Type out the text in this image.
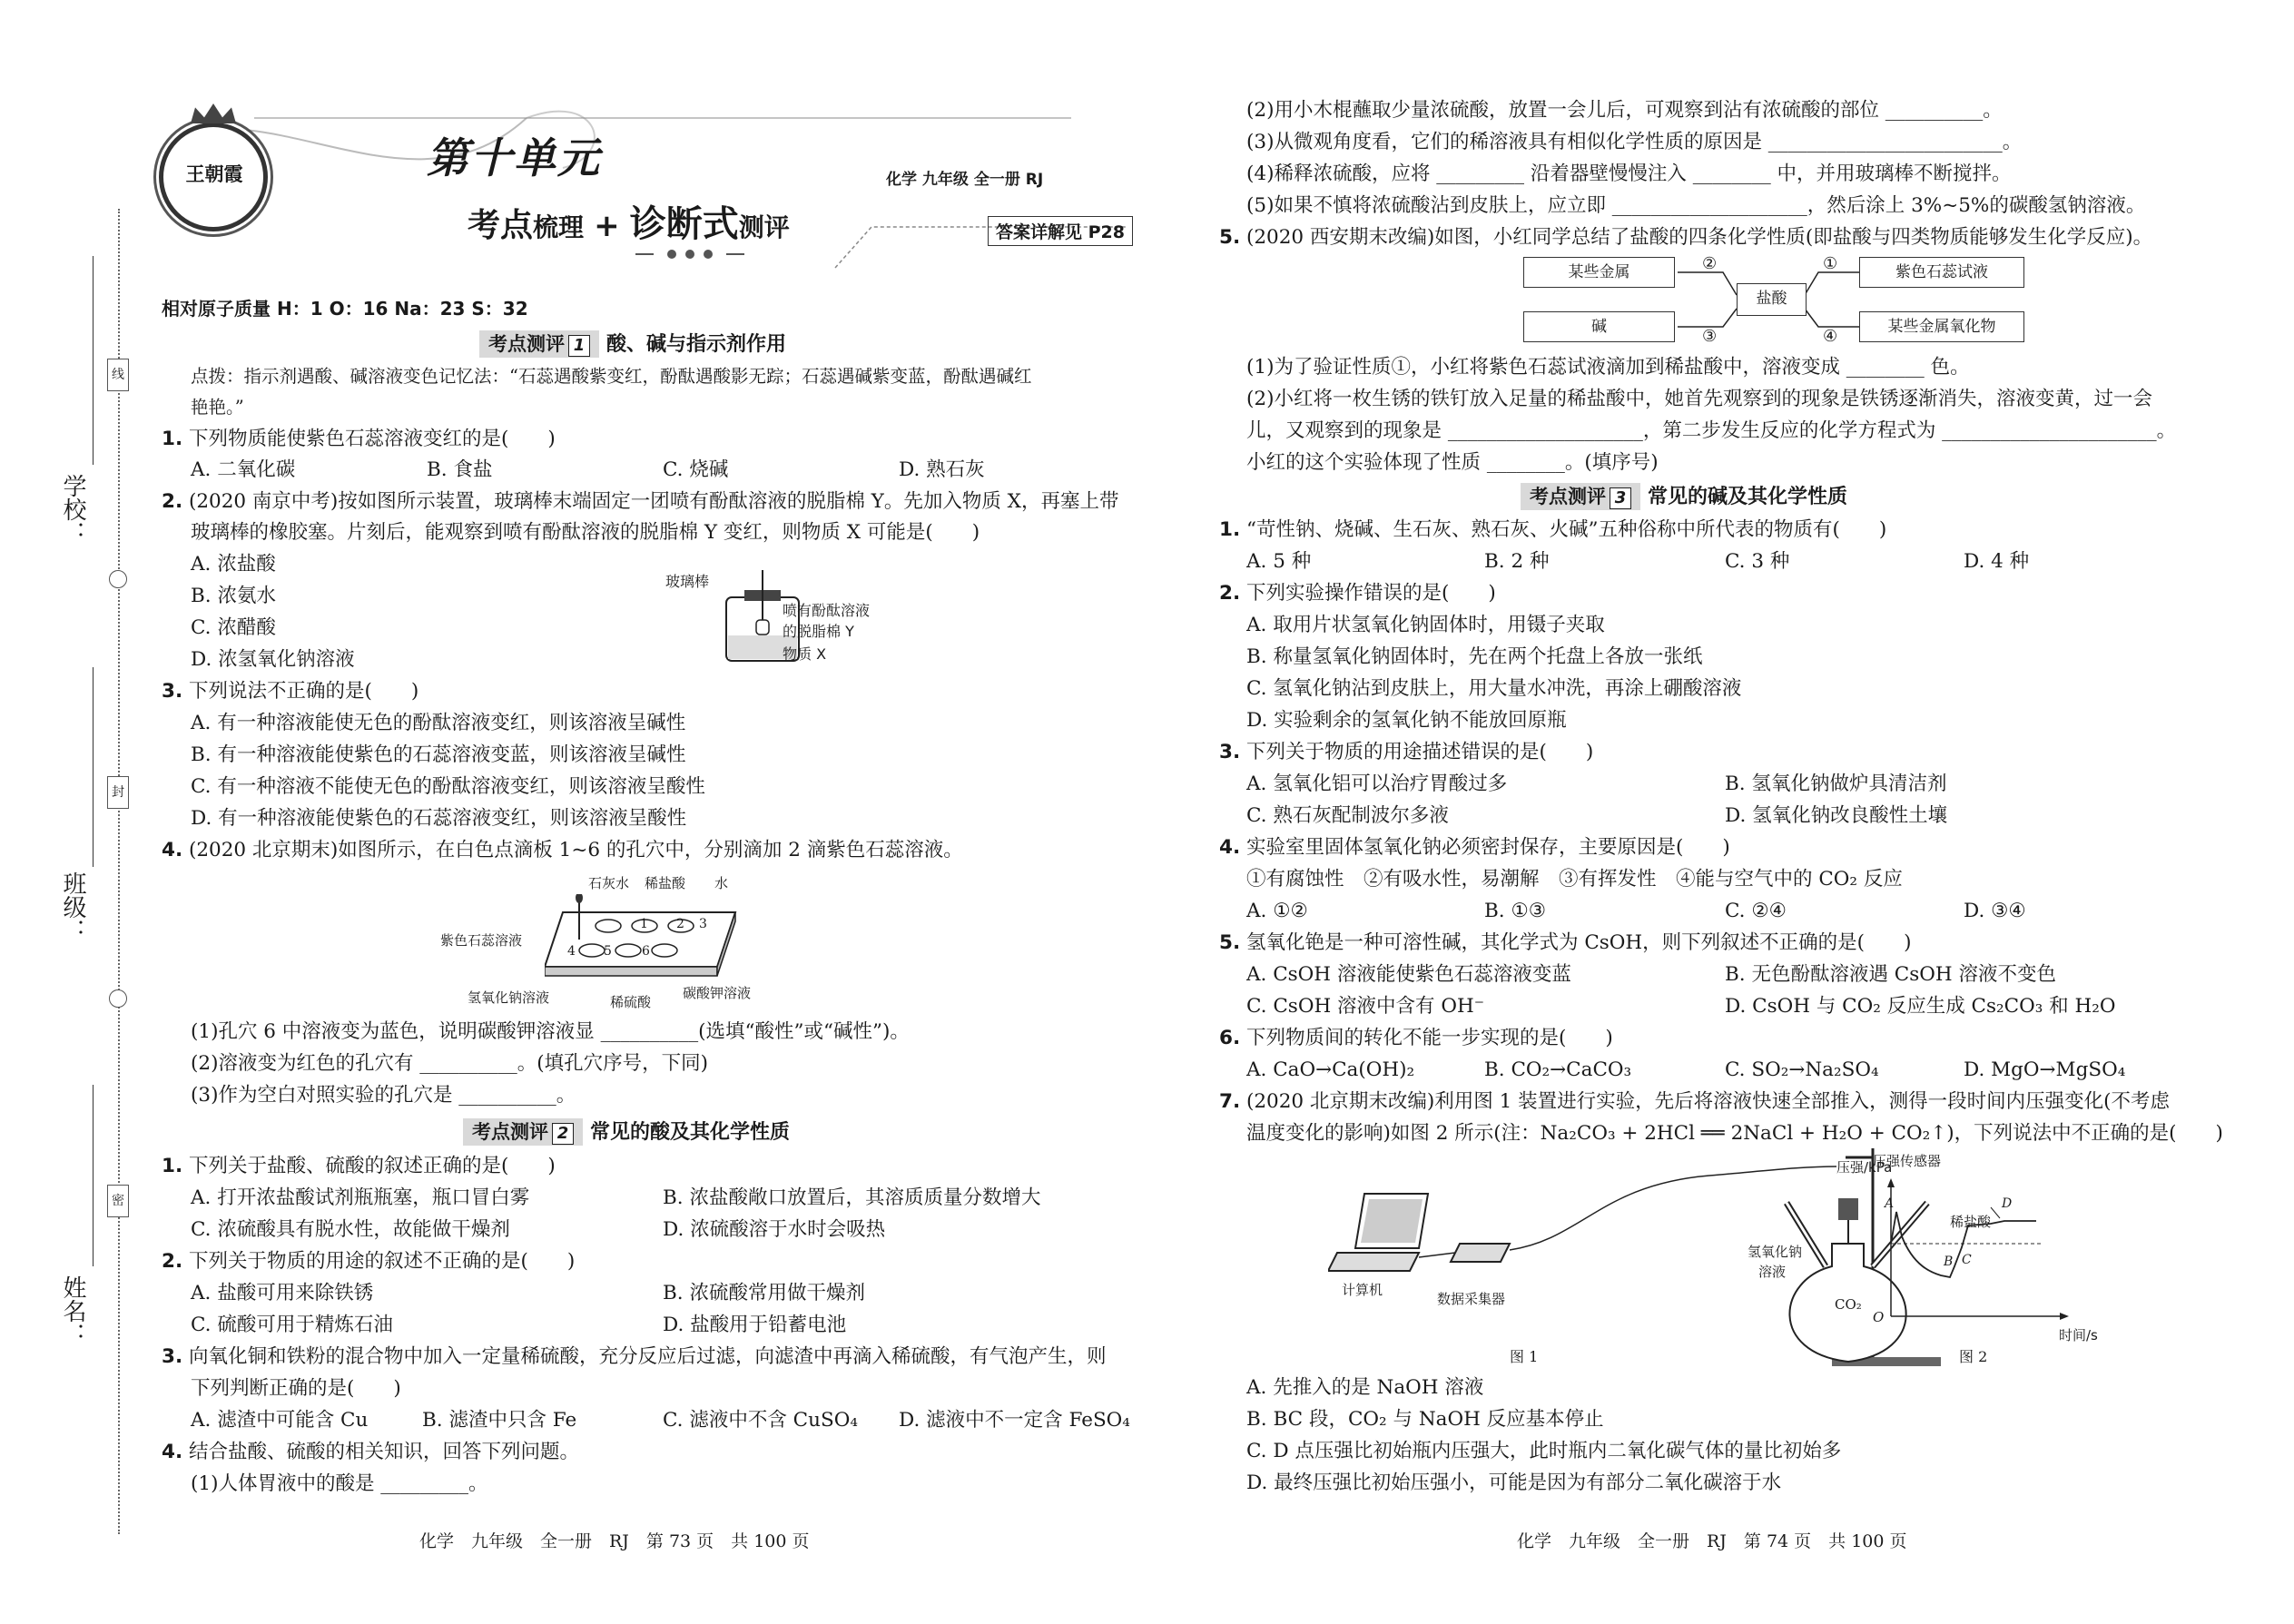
学校：
班级：
姓名：
线
封
密
王朝霞	第十单元
考点梳理 + 诊断式测评
化学 九年级 全一册 RJ
答案详解见 P28
相对原子质量 H：1 O：16 Na：23 S：32
考点测评 1 酸、碱与指示剂作用
点拨：指示剂遇酸、碱溶液变色记忆法：“石蕊遇酸紫变红，酚酞遇酸影无踪；石蕊遇碱紫变蓝，酚酞遇碱红
艳艳。”
1. 下列物质能使紫色石蕊溶液变红的是(　　)
A. 二氧化碳	B. 食盐	C. 烧碱	D. 熟石灰
2. (2020 南京中考)按如图所示装置，玻璃棒末端固定一团喷有酚酞溶液的脱脂棉 Y。先加入物质 X，再塞上带
玻璃棒的橡胶塞。片刻后，能观察到喷有酚酞溶液的脱脂棉 Y 变红，则物质 X 可能是(　　)
A. 浓盐酸
B. 浓氨水
C. 浓醋酸
D. 浓氢氧化钠溶液
玻璃棒
喷有酚酞溶液
的脱脂棉 Y
物质 X
3. 下列说法不正确的是(　　)
A. 有一种溶液能使无色的酚酞溶液变红，则该溶液呈碱性
B. 有一种溶液能使紫色的石蕊溶液变蓝，则该溶液呈碱性
C. 有一种溶液不能使无色的酚酞溶液变红，则该溶液呈酸性
D. 有一种溶液能使紫色的石蕊溶液变红，则该溶液呈酸性
4. (2020 北京期末)如图所示，在白色点滴板 1~6 的孔穴中，分别滴加 2 滴紫色石蕊溶液。
石灰水 稀盐酸 水
紫色石蕊溶液
氢氧化钠溶液	稀硫酸
碳酸钾溶液
1 2 3
4 5 6
(1)孔穴 6 中溶液变为蓝色，说明碳酸钾溶液显 __________(选填“酸性”或“碱性”)。
(2)溶液变为红色的孔穴有 __________。(填孔穴序号，下同)
(3)作为空白对照实验的孔穴是 __________。
考点测评 2 常见的酸及其化学性质
1. 下列关于盐酸、硫酸的叙述正确的是(　　)
A. 打开浓盐酸试剂瓶瓶塞，瓶口冒白雾	B. 浓盐酸敞口放置后，其溶质质量分数增大
C. 浓硫酸具有脱水性，故能做干燥剂	D. 浓硫酸溶于水时会吸热
2. 下列关于物质的用途的叙述不正确的是(　　)
A. 盐酸可用来除铁锈	B. 浓硫酸常用做干燥剂
C. 硫酸可用于精炼石油	D. 盐酸用于铅蓄电池
3. 向氧化铜和铁粉的混合物中加入一定量稀硫酸，充分反应后过滤，向滤渣中再滴入稀硫酸，有气泡产生，则
下列判断正确的是(　　)
A. 滤渣中可能含 Cu	B. 滤渣中只含 Fe	C. 滤液中不含 CuSO₄ D. 滤液中不一定含 FeSO₄
4. 结合盐酸、硫酸的相关知识，回答下列问题。
(1)人体胃液中的酸是 _________。
化学　九年级　全一册　RJ　第 73 页　共 100 页
(2)用小木棍蘸取少量浓硫酸，放置一会儿后，可观察到沾有浓硫酸的部位 __________。
(3)从微观角度看，它们的稀溶液具有相似化学性质的原因是 ________________________。
(4)稀释浓硫酸，应将 _________ 沿着器壁慢慢注入 ________ 中，并用玻璃棒不断搅拌。
(5)如果不慎将浓硫酸沾到皮肤上，应立即 ____________________，然后涂上 3%~5%的碳酸氢钠溶液。
5. (2020 西安期末改编)如图，小红同学总结了盐酸的四条化学性质(即盐酸与四类物质能够发生化学反应)。
某些金属	紫色石蕊试液
盐酸
碱	某些金属氧化物
②	①
③	④
(1)为了验证性质①，小红将紫色石蕊试液滴加到稀盐酸中，溶液变成 ________ 色。
(2)小红将一枚生锈的铁钉放入足量的稀盐酸中，她首先观察到的现象是铁锈逐渐消失，溶液变黄，过一会
儿，又观察到的现象是 ____________________，第二步发生反应的化学方程式为 ______________________。
小红的这个实验体现了性质 ________。(填序号)
考点测评 3 常见的碱及其化学性质
1. “苛性钠、烧碱、生石灰、熟石灰、火碱”五种俗称中所代表的物质有(　　)
A. 5 种	B. 2 种	C. 3 种	D. 4 种
2. 下列实验操作错误的是(　　)
A. 取用片状氢氧化钠固体时，用镊子夹取
B. 称量氢氧化钠固体时，先在两个托盘上各放一张纸
C. 氢氧化钠沾到皮肤上，用大量水冲洗，再涂上硼酸溶液
D. 实验剩余的氢氧化钠不能放回原瓶
3. 下列关于物质的用途描述错误的是(　　)
A. 氢氧化铝可以治疗胃酸过多	B. 氢氧化钠做炉具清洁剂
C. 熟石灰配制波尔多液	D. 氢氧化钠改良酸性土壤
4. 实验室里固体氢氧化钠必须密封保存，主要原因是(　　)
①有腐蚀性　②有吸水性，易潮解　③有挥发性　④能与空气中的 CO₂ 反应
A. ①②	B. ①③	C. ②④	D. ③④
5. 氢氧化铯是一种可溶性碱，其化学式为 CsOH，则下列叙述不正确的是(　　)
A. CsOH 溶液能使紫色石蕊溶液变蓝	B. 无色酚酞溶液遇 CsOH 溶液不变色
C. CsOH 溶液中含有 OH⁻	D. CsOH 与 CO₂ 反应生成 Cs₂CO₃ 和 H₂O
6. 下列物质间的转化不能一步实现的是(　　)
A. CaO→Ca(OH)₂	B. CO₂→CaCO₃	C. SO₂→Na₂SO₄	D. MgO→MgSO₄
7. (2020 北京期末改编)利用图 1 装置进行实验，先后将溶液快速全部推入，测得一段时间内压强变化(不考虑
温度变化的影响)如图 2 所示(注：Na₂CO₃ + 2HCl ══ 2NaCl + H₂O + CO₂↑)，下列说法中不正确的是(　　)
压强传感器
稀盐酸
氢氧化钠
溶液
CO₂
计算机
数据采集器
图 1
压强/kPa
时间/s
O
A
B C
D
图 2
A. 先推入的是 NaOH 溶液
B. BC 段，CO₂ 与 NaOH 反应基本停止
C. D 点压强比初始瓶内压强大，此时瓶内二氧化碳气体的量比初始多
D. 最终压强比初始压强小，可能是因为有部分二氧化碳溶于水
化学　九年级　全一册　RJ　第 74 页　共 100 页
